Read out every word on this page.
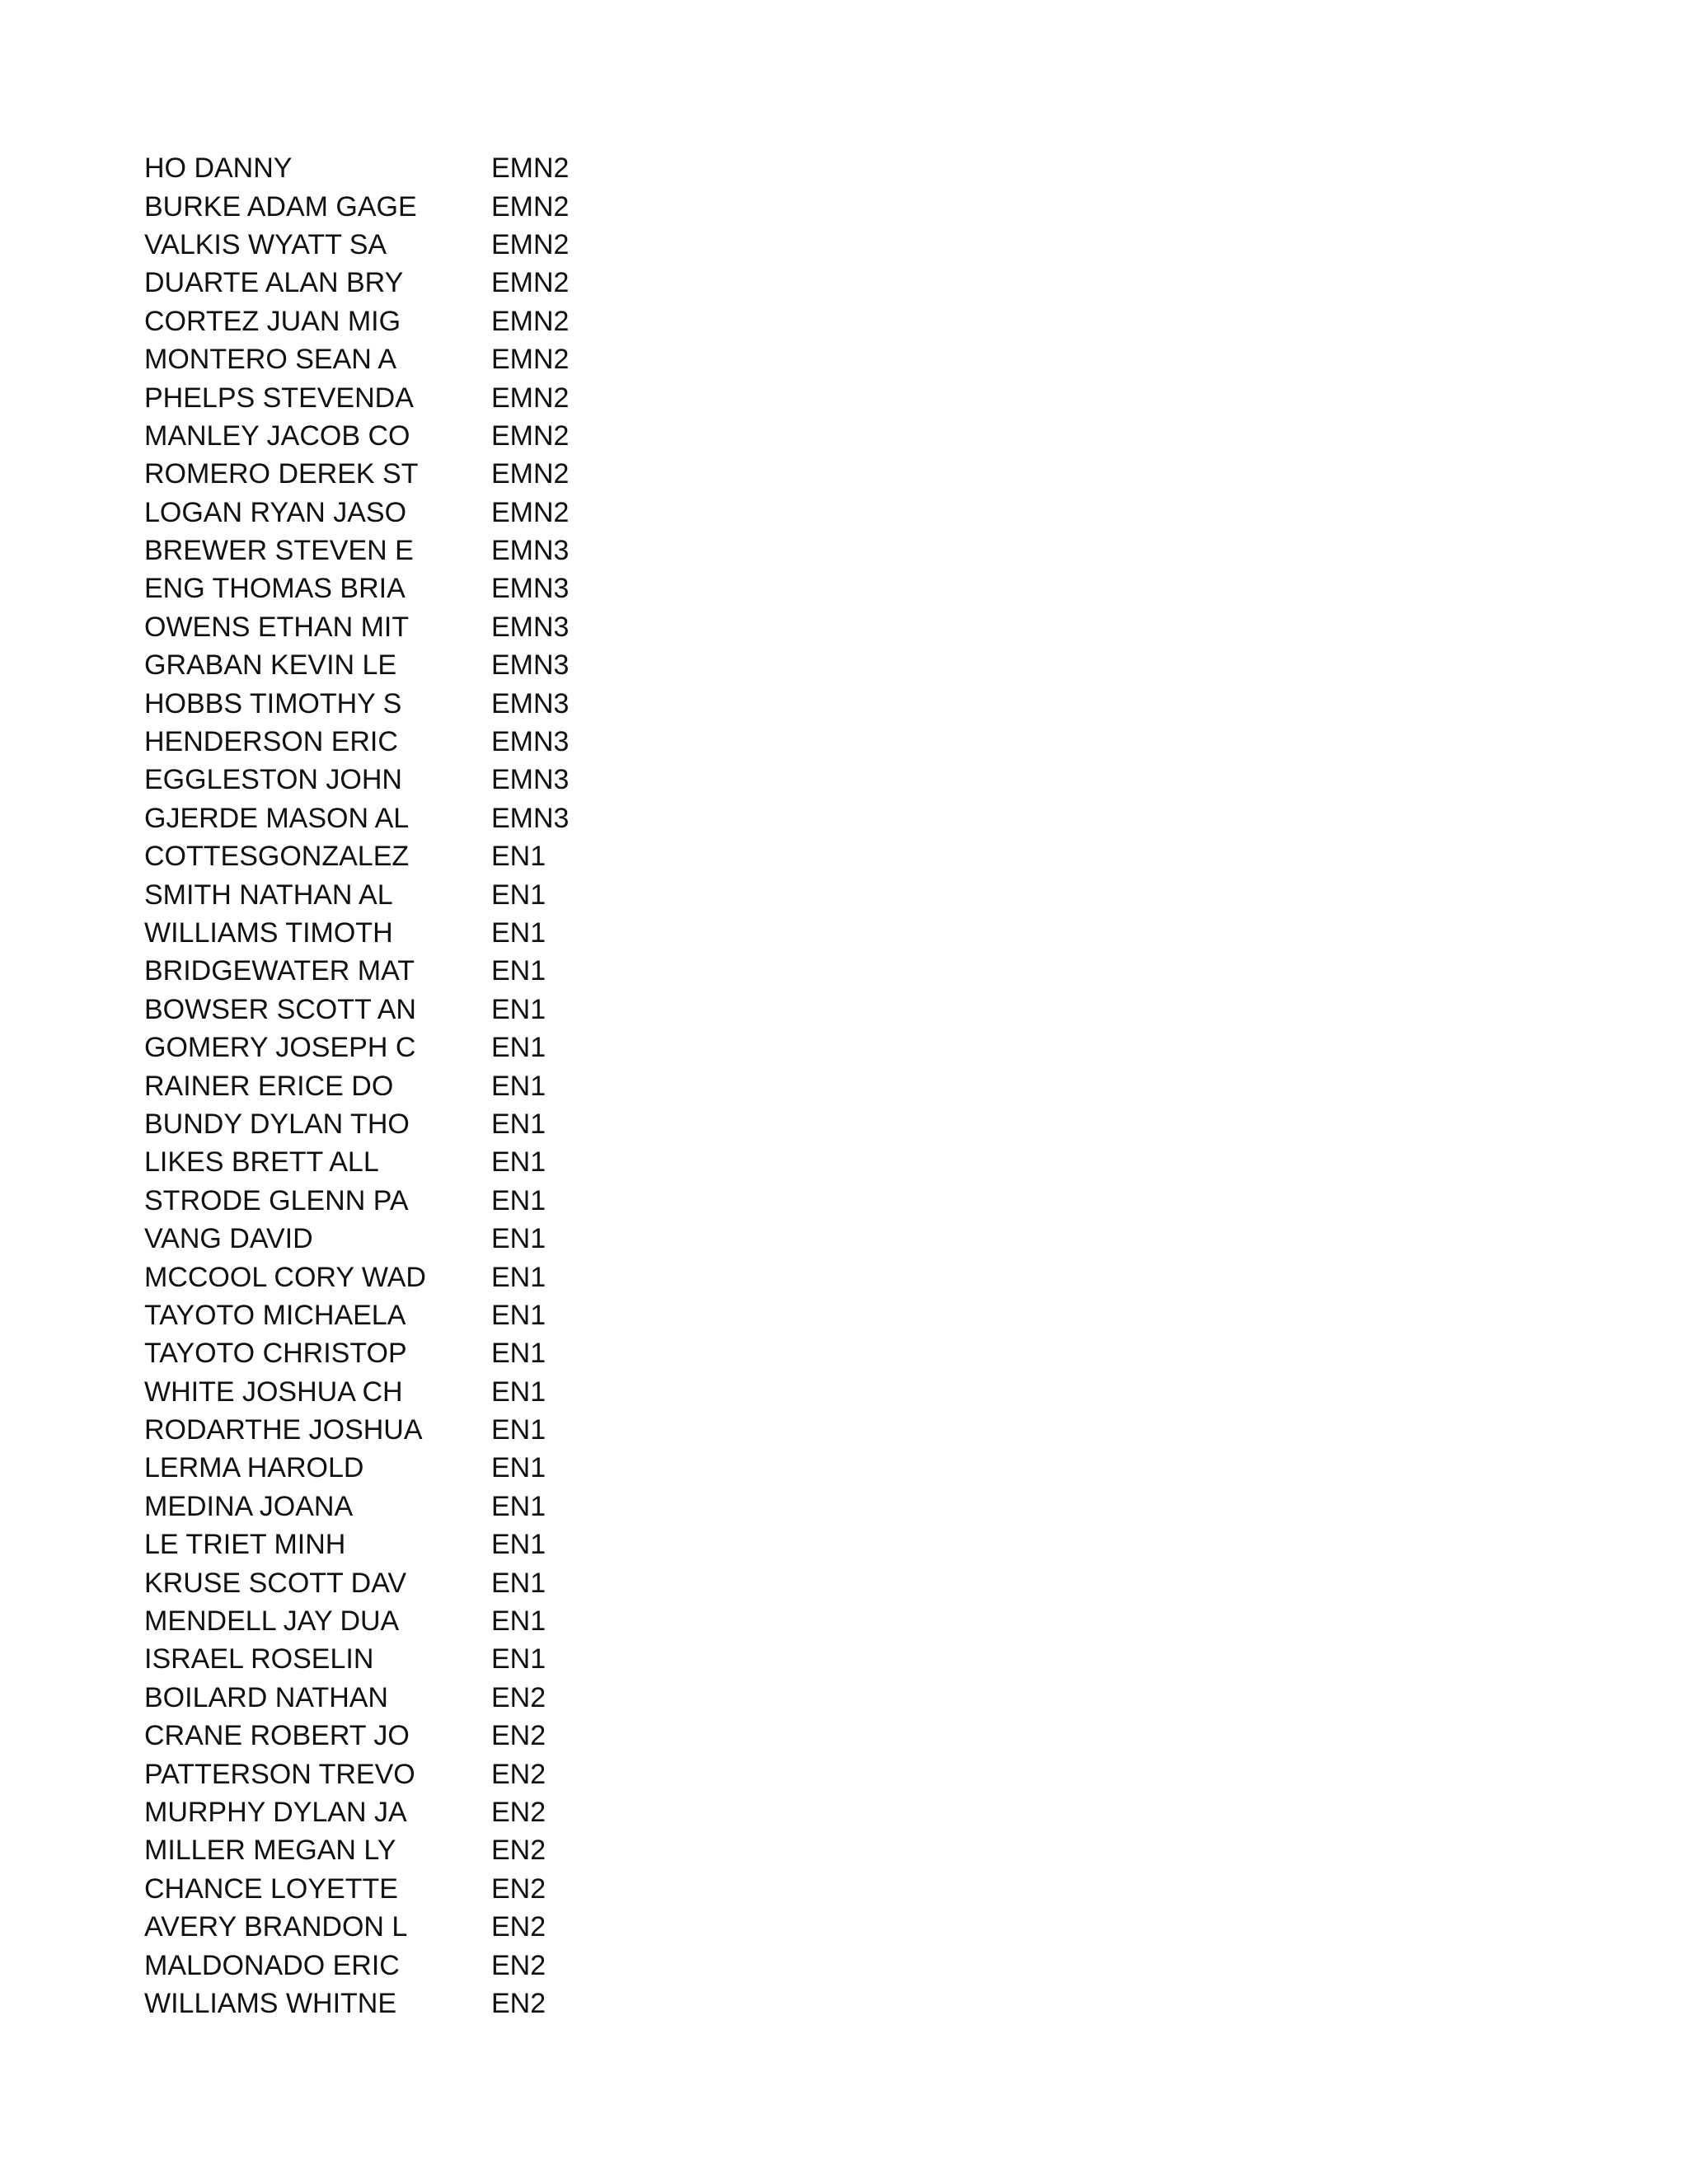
HO DANNY	EMN2
BURKE ADAM GAGE	EMN2
VALKIS WYATT SA	EMN2
DUARTE ALAN BRY	EMN2
CORTEZ JUAN MIG	EMN2
MONTERO SEAN A	EMN2
PHELPS STEVENDA	EMN2
MANLEY JACOB CO	EMN2
ROMERO DEREK ST	EMN2
LOGAN RYAN JASO	EMN2
BREWER STEVEN E	EMN3
ENG THOMAS BRIA	EMN3
OWENS ETHAN MIT	EMN3
GRABAN KEVIN LE	EMN3
HOBBS TIMOTHY S	EMN3
HENDERSON ERIC	EMN3
EGGLESTON JOHN	EMN3
GJERDE MASON AL	EMN3
COTTESGONZALEZ	EN1
SMITH NATHAN AL	EN1
WILLIAMS TIMOTH	EN1
BRIDGEWATER MAT	EN1
BOWSER SCOTT AN	EN1
GOMERY JOSEPH C	EN1
RAINER ERICE DO	EN1
BUNDY DYLAN THO	EN1
LIKES BRETT ALL	EN1
STRODE GLENN PA	EN1
VANG DAVID	EN1
MCCOOL CORY WAD	EN1
TAYOTO MICHAELA	EN1
TAYOTO CHRISTOP	EN1
WHITE JOSHUA CH	EN1
RODARTHE JOSHUA	EN1
LERMA HAROLD	EN1
MEDINA JOANA	EN1
LE TRIET MINH	EN1
KRUSE SCOTT DAV	EN1
MENDELL JAY DUA	EN1
ISRAEL ROSELIN	EN1
BOILARD NATHAN	EN2
CRANE ROBERT JO	EN2
PATTERSON TREVO	EN2
MURPHY DYLAN JA	EN2
MILLER MEGAN LY	EN2
CHANCE LOYETTE	EN2
AVERY BRANDON L	EN2
MALDONADO ERIC	EN2
WILLIAMS WHITNE	EN2
